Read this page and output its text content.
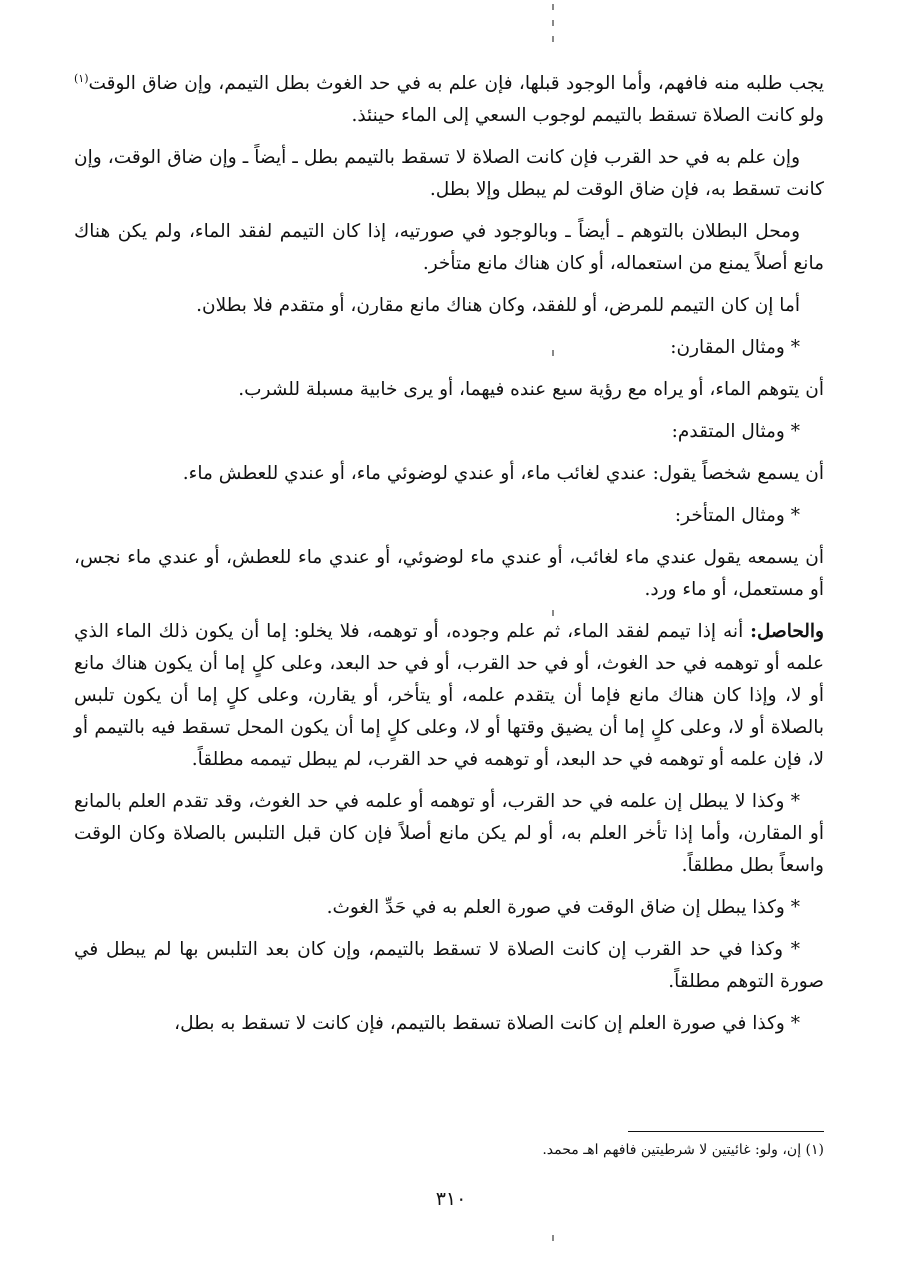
يجب طلبه منه فافهم، وأما الوجود قبلها، فإن علم به في حد الغوث بطل التيمم، وإن ضاق الوقت$^{(١)}$ ولو كانت الصلاة تسقط بالتيمم لوجوب السعي إلى الماء حينئذ.

وإن علم به في حد القرب فإن كانت الصلاة لا تسقط بالتيمم بطل ـ أيضاً ـ وإن ضاق الوقت، وإن كانت تسقط به، فإن ضاق الوقت لم يبطل وإلا بطل.

ومحل البطلان بالتوهم ـ أيضاً ـ وبالوجود في صورتيه، إذا كان التيمم لفقد الماء، ولم يكن هناك مانع أصلاً يمنع من استعماله، أو كان هناك مانع متأخر.

أما إن كان التيمم للمرض، أو للفقد، وكان هناك مانع مقارن، أو متقدم فلا بطلان.

* ومثال المقارن:

أن يتوهم الماء، أو يراه مع رؤية سبع عنده فيهما، أو يرى خابية مسبلة للشرب.

* ومثال المتقدم:

أن يسمع شخصاً يقول: عندي لغائب ماء، أو عندي لوضوئي ماء، أو عندي للعطش ماء.

* ومثال المتأخر:

أن يسمعه يقول عندي ماء لغائب، أو عندي ماء لوضوئي، أو عندي ماء للعطش، أو عندي ماء نجس، أو مستعمل، أو ماء ورد.

والحاصل: أنه إذا تيمم لفقد الماء، ثم علم وجوده، أو توهمه، فلا يخلو: إما أن يكون ذلك الماء الذي علمه أو توهمه في حد الغوث، أو في حد القرب، أو في حد البعد، وعلى كلٍ إما أن يكون هناك مانع أو لا، وإذا كان هناك مانع فإما أن يتقدم علمه، أو يتأخر، أو يقارن، وعلى كلٍ إما أن يكون تلبس بالصلاة أو لا، وعلى كلٍ إما أن يضيق وقتها أو لا، وعلى كلٍ إما أن يكون المحل تسقط فيه بالتيمم أو لا، فإن علمه أو توهمه في حد البعد، أو توهمه في حد القرب، لم يبطل تيممه مطلقاً.

* وكذا لا يبطل إن علمه في حد القرب، أو توهمه أو علمه في حد الغوث، وقد تقدم العلم بالمانع أو المقارن، وأما إذا تأخر العلم به، أو لم يكن مانع أصلاً فإن كان قبل التلبس بالصلاة وكان الوقت واسعاً بطل مطلقاً.

* وكذا يبطل إن ضاق الوقت في صورة العلم به في حَدِّ الغوث.

* وكذا في حد القرب إن كانت الصلاة لا تسقط بالتيمم، وإن كان بعد التلبس بها لم يبطل في صورة التوهم مطلقاً.

* وكذا في صورة العلم إن كانت الصلاة تسقط بالتيمم، فإن كانت لا تسقط به بطل،

(١) إن، ولو: غائيتين لا شرطيتين فافهم اهـ محمد.
٣١٠
